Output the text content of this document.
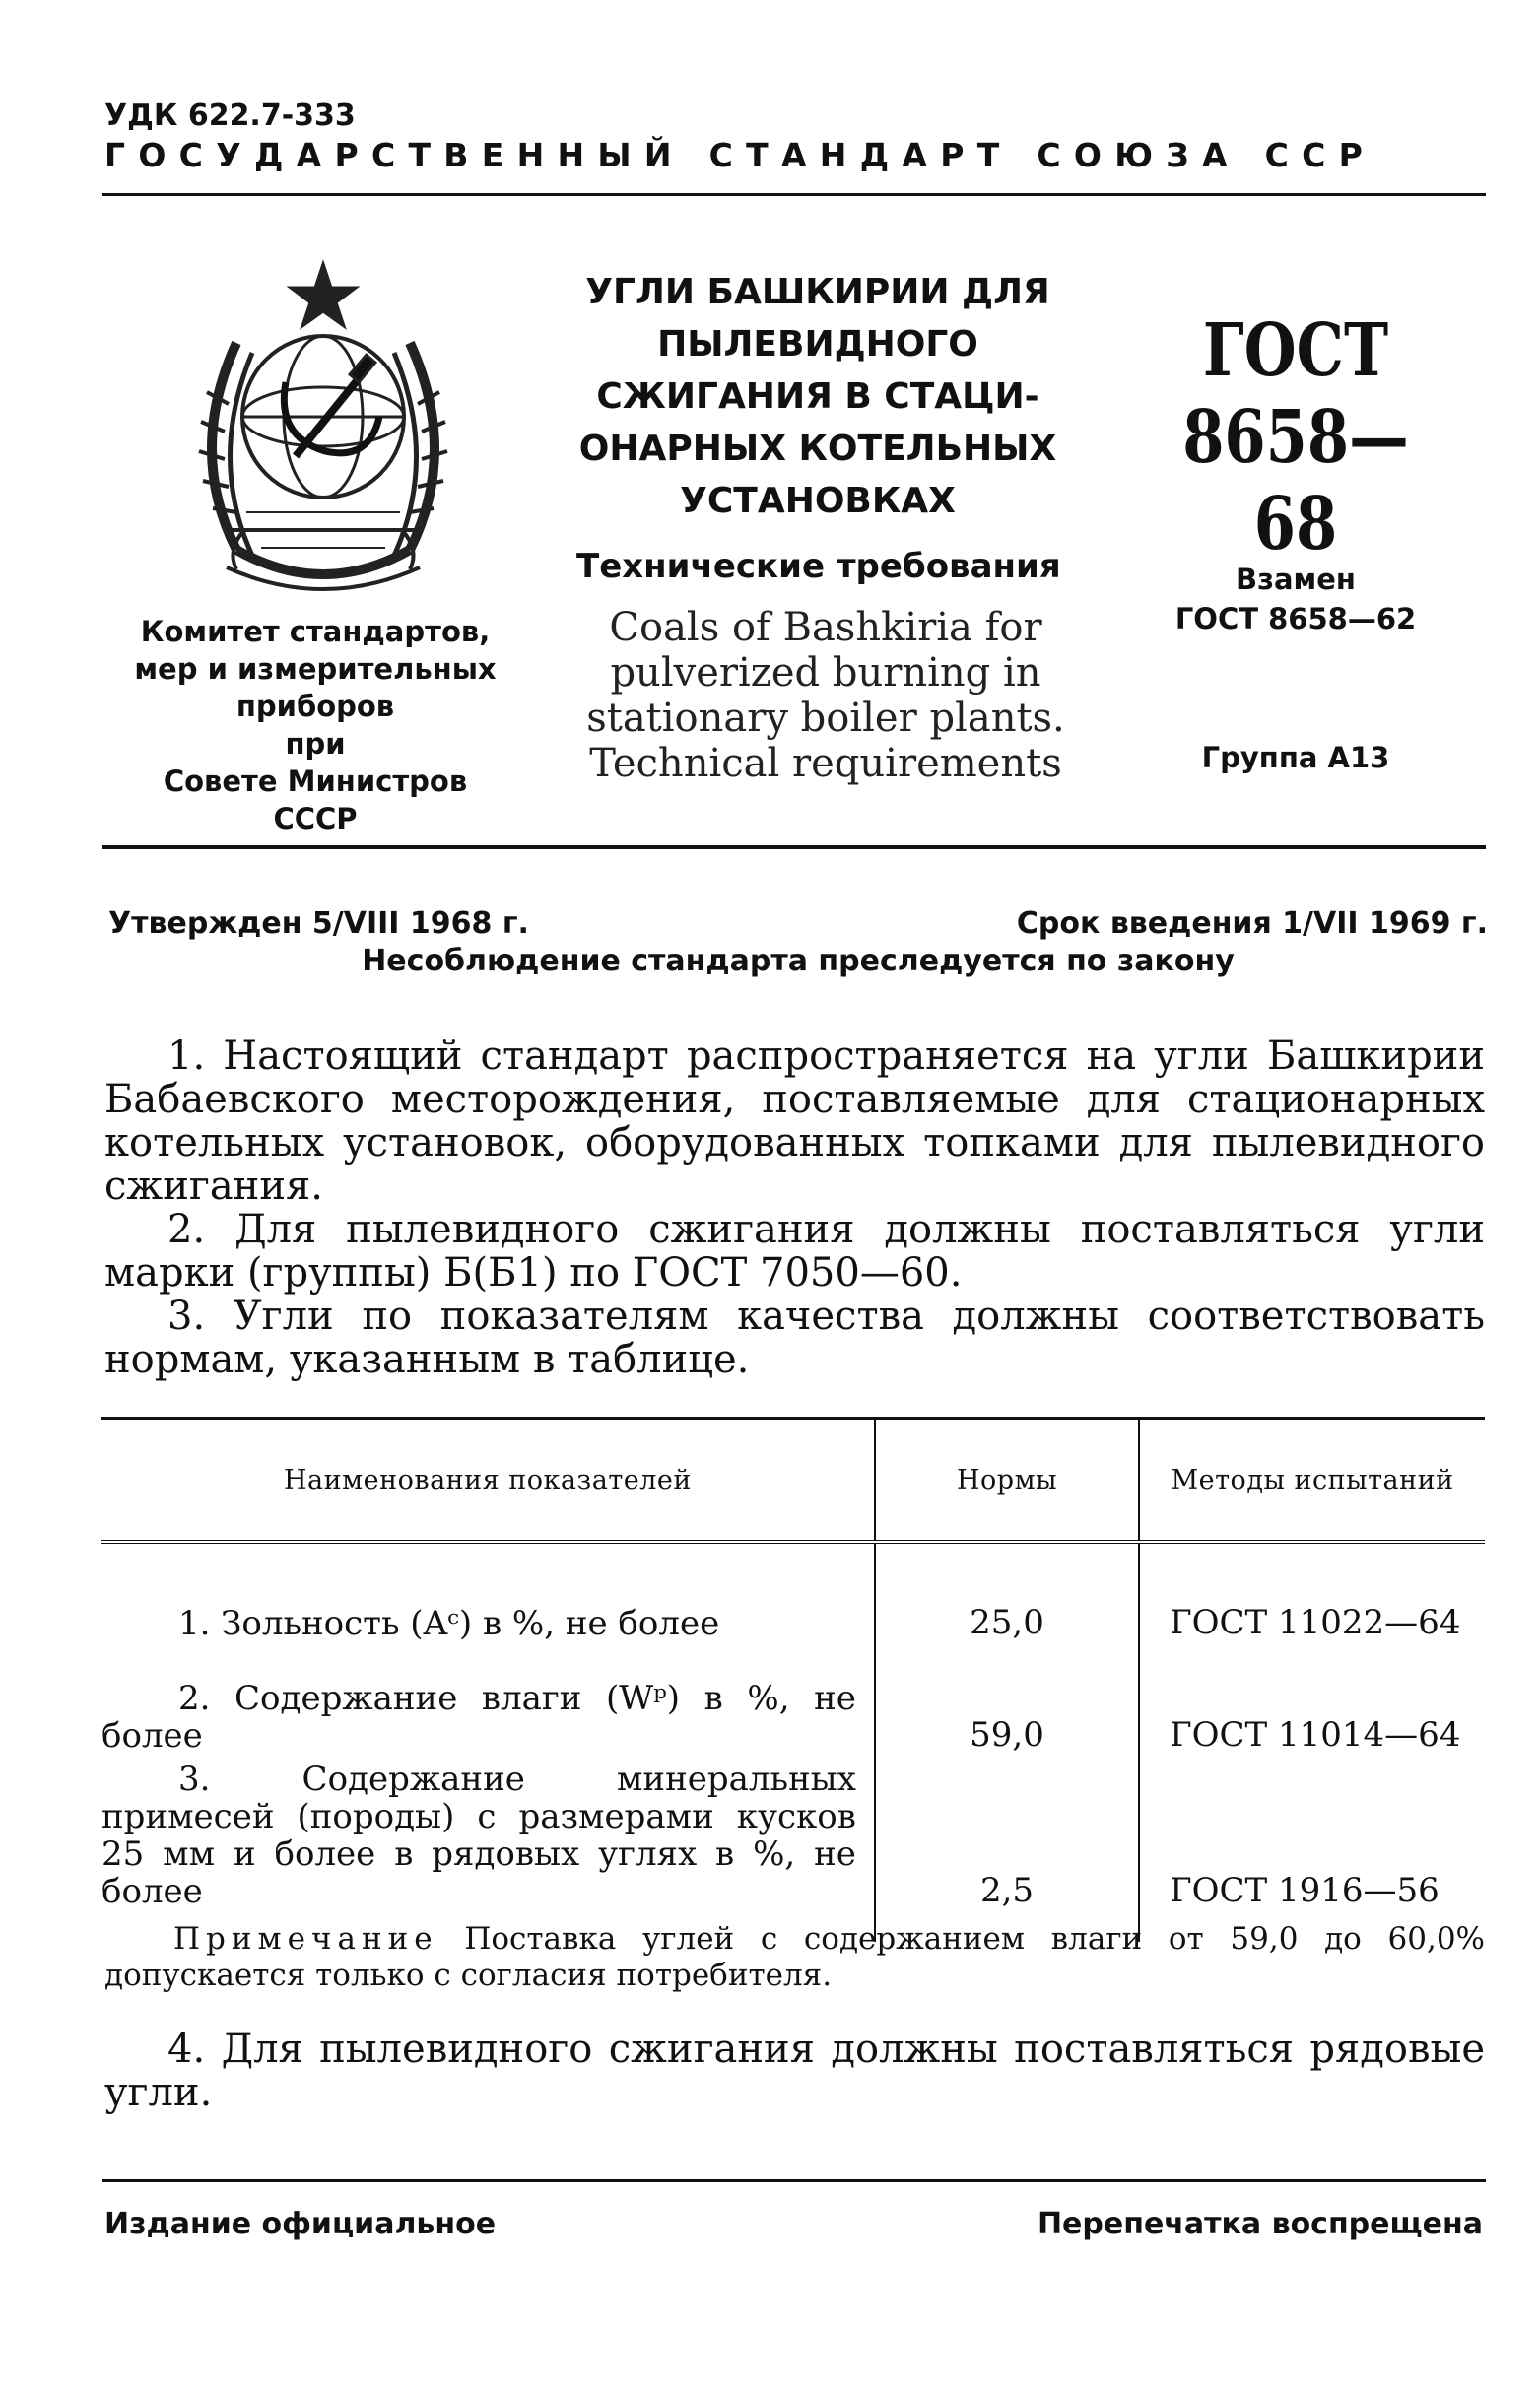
УДК 622.7-333
ГОСУДАРСТВЕННЫЙ СТАНДАРТ СОЮЗА ССР
Комитет стандартов,
мер и измерительных
приборов
при
Совете Министров
СССР
УГЛИ БАШКИРИИ ДЛЯ
ПЫЛЕВИДНОГО
СЖИГАНИЯ В СТАЦИ-
ОНАРНЫХ КОТЕЛЬНЫХ
УСТАНОВКАХ
Технические требования
Coals of Bashkiria for
pulverized burning in
stationary boiler plants.
Technical requirements
ГОСТ
8658—68
Взамен
ГОСТ 8658—62
Группа А13
Утвержден 5/VIII 1968 г.	Срок введения 1/VII 1969 г.
Несоблюдение стандарта преследуется по закону

1. Настоящий стандарт распространяется на угли Башкирии Бабаевского месторождения, поставляемые для стационарных котельных установок, оборудованных топками для пылевидного сжигания.

2. Для пылевидного сжигания должны поставляться угли марки (группы) Б(Б1) по ГОСТ 7050—60.

3. Угли по показателям качества должны соответствовать нормам, указанным в таблице.

Наименования показателей	Нормы	Методы испытаний

1. Зольность (Aᶜ) в %, не более	25,0	ГОСТ 11022—64

2. Содержание влаги (Wᵖ) в %, не более	59,0	ГОСТ 11014—64

3. Содержание минеральных примесей (породы) с размерами кусков 25 мм и более в рядовых углях в %, не более	2,5	ГОСТ 1916—56

Примечание Поставка углей с содержанием влаги от 59,0 до 60,0% допускается только с согласия потребителя.

4. Для пылевидного сжигания должны поставляться рядовые угли.

Издание официальное	Перепечатка воспрещена
